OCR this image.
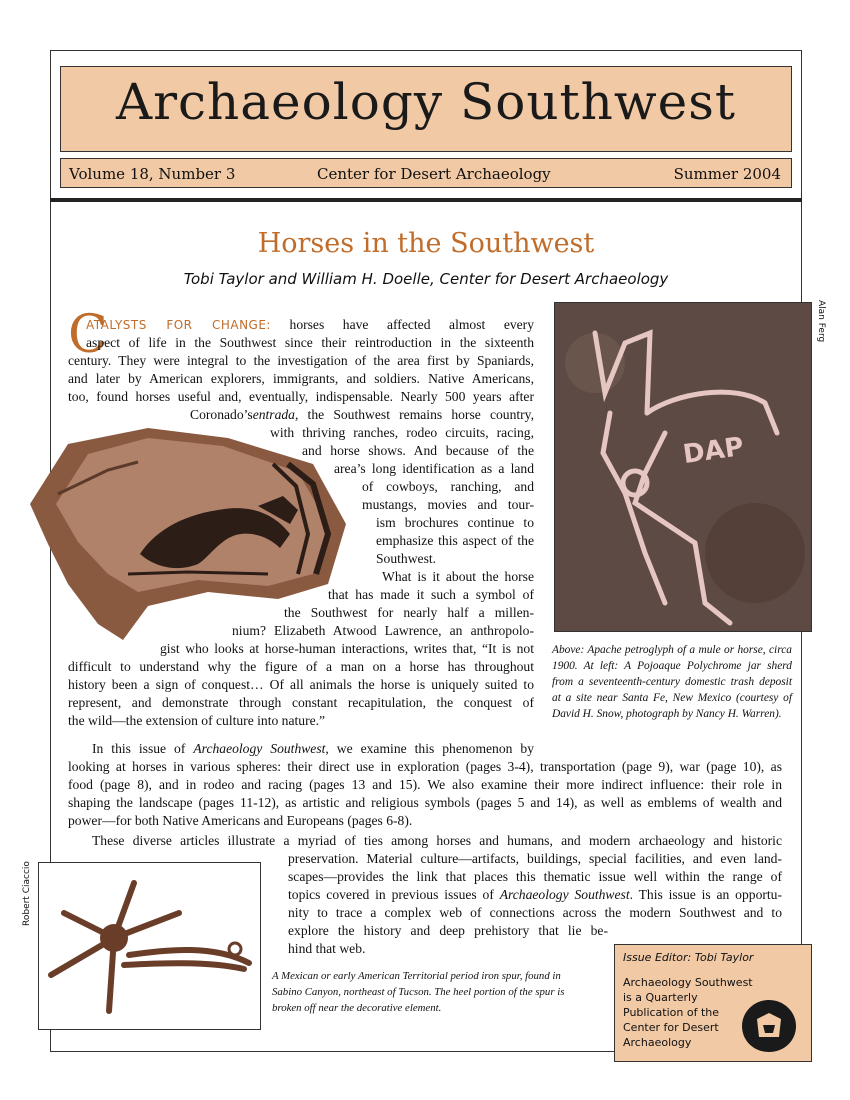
Archaeology Southwest
Volume 18, Number 3	Center for Desert Archaeology	Summer 2004
Horses in the Southwest
Tobi Taylor and William H. Doelle, Center for Desert Archaeology
C
ATALYSTS FOR CHANGE: horses have affected almost every
aspect of life in the Southwest since their reintroduction in the sixteenth
century. They were integral to the investigation of the area first by Spaniards,
and later by American explorers, immigrants, and soldiers. Native Americans,
too, found horses useful and, eventually, indispensable. Nearly 500 years after
Coronado’sentrada, the Southwest remains horse country,
with thriving ranches, rodeo circuits, racing,
and horse shows. And because of the
area’s long identification as a land
of cowboys, ranching, and
mustangs, movies and tour-
ism brochures continue to
emphasize this aspect of the
Southwest.
What is it about the horse
that has made it such a symbol of
the Southwest for nearly half a millen-
nium? Elizabeth Atwood Lawrence, an anthropolo-
gist who looks at horse-human interactions, writes that, “It is not
difficult to understand why the figure of a man on a horse has throughout
history been a sign of conquest… Of all animals the horse is uniquely suited to
represent, and demonstrate through constant recapitulation, the conquest of
the wild—the extension of culture into nature.”
In this issue of Archaeology Southwest, we examine this phenomenon by
looking at horses in various spheres: their direct use in exploration (pages 3-4), transportation (page 9), war (page 10), as
food (page 8), and in rodeo and racing (pages 13 and 15). We also examine their more indirect influence: their role in
shaping the landscape (pages 11-12), as artistic and religious symbols (pages 5 and 14), as well as emblems of wealth and
power—for both Native Americans and Europeans (pages 6-8).
These diverse articles illustrate a myriad of ties among horses and humans, and modern archaeology and historic
preservation. Material culture—artifacts, buildings, special facilities, and even land-
scapes—provides the link that places this thematic issue well within the range of
topics covered in previous issues of Archaeology Southwest. This issue is an opportu-
nity to trace a complex web of connections across the modern Southwest and to
explore the history and deep prehistory that lie be-
hind that web.
DAP
Alan Ferg
Above: Apache petroglyph of a mule or horse, circa 1900. At left: A Pojoaque Polychrome jar sherd from a seventeenth-century domestic trash deposit at a site near Santa Fe, New Mexico (courtesy of David H. Snow, photograph by Nancy H. Warren).
Robert Ciaccio
A Mexican or early American Territorial period iron spur, found in Sabino Canyon, northeast of Tucson. The heel portion of the spur is broken off near the decorative element.
Issue Editor: Tobi Taylor
Archaeology Southwest
is a Quarterly
Publication of the
Center for Desert
Archaeology
